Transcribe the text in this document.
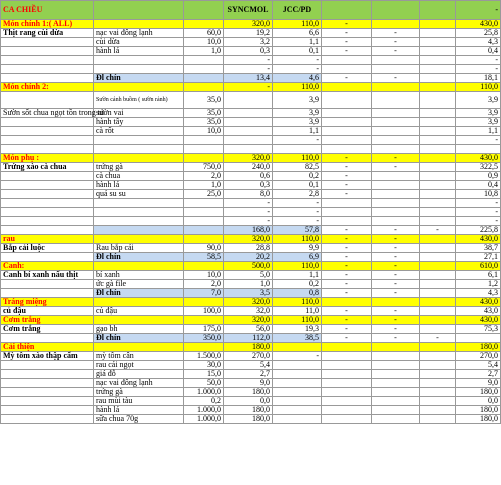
CA CHIỀU			SYNCMOL	JCC/PD				-
Món chính 1:( ALL)			320,0	110,0	-			430,0
Thịt rang cùi dừa	nạc vai đông lạnh	60,0	19,2	6,6	-	-		25,8
	cùi dừa	10,0	3,2	1,1	-	-		4,3
	hành lá	1,0	0,3	0,1	-	-		0,4
			-	-				-
			-	-				-
	Đl chín		13,4	4,6	-	-		18,1
Món chính 2:			-	110,0				110,0
	Sườn cánh buồm ( sườn rảnh)	35,0		3,9				3,9
Sườn sốt chua ngọt tồn trong tủ	sườn vai	35,0		3,9				3,9
	hành tây	35,0		3,9				3,9
	cà rốt	10,0		1,1				1,1
				-				-

Món phụ :			320,0	110,0	-	-		430,0
Trứng xào cà chua	trứng gà	750,0	240,0	82,5	-	-		322,5
	cà chua	2,0	0,6	0,2	-			0,9
	hành lá	1,0	0,3	0,1	-			0,4
	quả su su	25,0	8,0	2,8	-			10,8
			-	-				-
			-	-				-
			-	-				-
			168,0	57,8	-	-	-	225,8
rau			320,0	110,0	-	-		430,0
Bắp cải luộc	Rau bắp cải	90,0	28,8	9,9	-	-		38,7
	Đl chín	58,5	20,2	6,9	-	-		27,1
Canh:			500,0	110,0	-	-		610,0
Canh bí xanh nấu thịt	bí xanh	10,0	5,0	1,1	-	-		6,1
	ức gà file	2,0	1,0	0,2	-	-		1,2
	Đl chín	7,0	3,5	0,8	-	-		4,3
Tráng miệng			320,0	110,0				430,0
củ đậu	củ đậu	100,0	32,0	11,0	-	-		43,0
Cơm trắng			320,0	110,0	-	-		430,0
Cơm trắng	gạo bh	175,0	56,0	19,3	-	-		75,3
	Đl chín	350,0	112,0	38,5	-	-	-	
Cải thiện			180,0					180,0
Mỳ tôm xào thập cẩm	mỳ tôm cân	1.500,0	270,0	-				270,0
	rau cải ngọt	30,0	5,4					5,4
	giá đỗ	15,0	2,7					2,7
	nạc vai đông lạnh	50,0	9,0					9,0
	trứng gà	1.000,0	180,0					180,0
	rau mùi tàu	0,2	0,0					0,0
	hành lá	1.000,0	180,0					180,0
	sữa chua 70g	1.000,0	180,0					180,0
